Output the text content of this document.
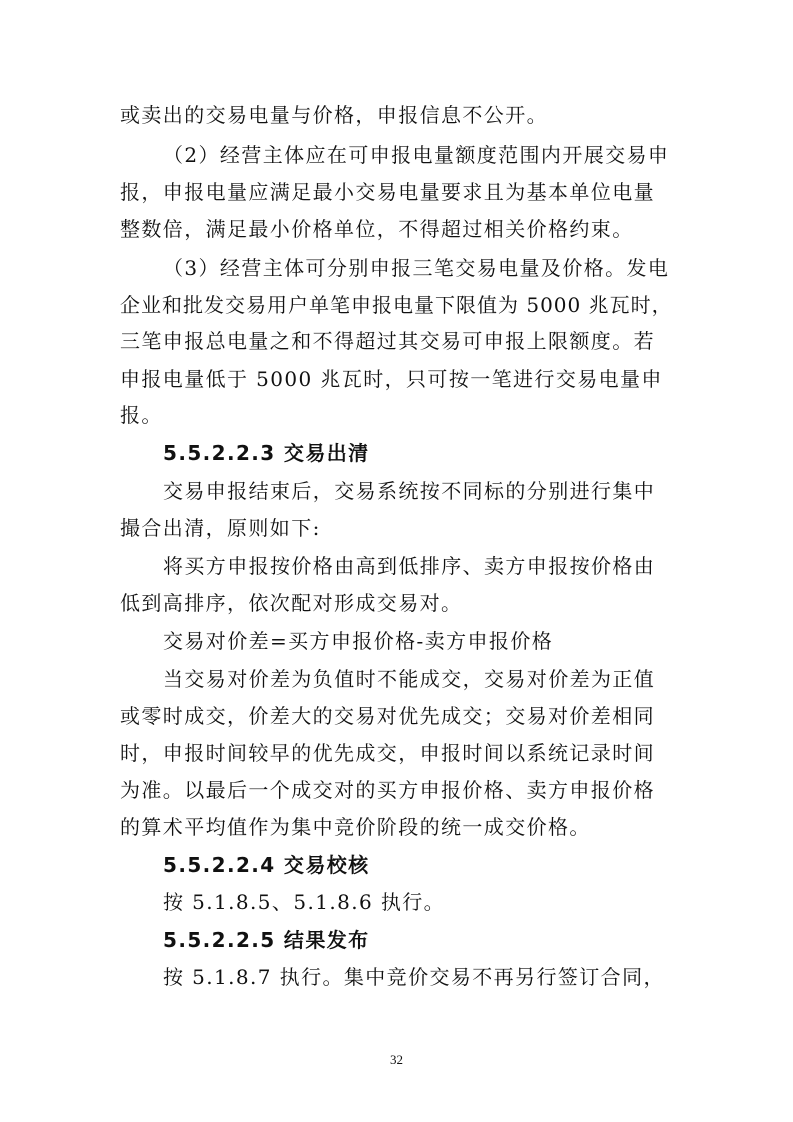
或卖出的交易电量与价格，申报信息不公开。
（2）经营主体应在可申报电量额度范围内开展交易申
报，申报电量应满足最小交易电量要求且为基本单位电量
整数倍，满足最小价格单位，不得超过相关价格约束。
（3）经营主体可分别申报三笔交易电量及价格。发电
企业和批发交易用户单笔申报电量下限值为 5000 兆瓦时，
三笔申报总电量之和不得超过其交易可申报上限额度。若
申报电量低于 5000 兆瓦时，只可按一笔进行交易电量申
报。
5.5.2.2.3 交易出清
交易申报结束后，交易系统按不同标的分别进行集中
撮合出清，原则如下:
将买方申报按价格由高到低排序、卖方申报按价格由
低到高排序，依次配对形成交易对。
交易对价差=买方申报价格-卖方申报价格
当交易对价差为负值时不能成交，交易对价差为正值
或零时成交，价差大的交易对优先成交；交易对价差相同
时，申报时间较早的优先成交，申报时间以系统记录时间
为准。以最后一个成交对的买方申报价格、卖方申报价格
的算术平均值作为集中竞价阶段的统一成交价格。
5.5.2.2.4 交易校核
按 5.1.8.5、5.1.8.6 执行。
5.5.2.2.5 结果发布
按 5.1.8.7 执行。集中竞价交易不再另行签订合同，
32
